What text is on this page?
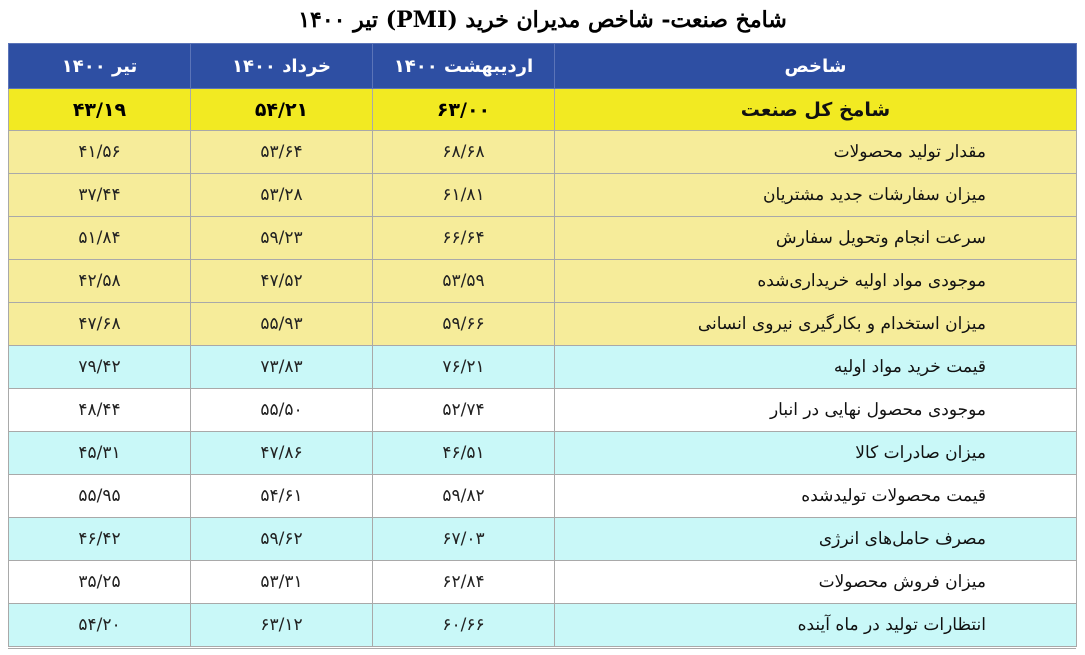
شامخ صنعت- شاخص مدیران خرید (PMI) تیر ۱۴۰۰
شاخص	اردیبهشت ۱۴۰۰	خرداد ۱۴۰۰	تیر ۱۴۰۰
شامخ کل صنعت	۶۳/۰۰	۵۴/۲۱	۴۳/۱۹
مقدار تولید محصولات	۶۸/۶۸	۵۳/۶۴	۴۱/۵۶
میزان سفارشات جدید مشتریان	۶۱/۸۱	۵۳/۲۸	۳۷/۴۴
سرعت انجام وتحویل سفارش	۶۶/۶۴	۵۹/۲۳	۵۱/۸۴
موجودی مواد اولیه خریداری‌شده	۵۳/۵۹	۴۷/۵۲	۴۲/۵۸
میزان استخدام و بکارگیری نیروی انسانی	۵۹/۶۶	۵۵/۹۳	۴۷/۶۸
قیمت خرید مواد اولیه	۷۶/۲۱	۷۳/۸۳	۷۹/۴۲
موجودی محصول نهایی در انبار	۵۲/۷۴	۵۵/۵۰	۴۸/۴۴
میزان صادرات کالا	۴۶/۵۱	۴۷/۸۶	۴۵/۳۱
قیمت محصولات تولیدشده	۵۹/۸۲	۵۴/۶۱	۵۵/۹۵
مصرف حامل‌های انرژی	۶۷/۰۳	۵۹/۶۲	۴۶/۴۲
میزان فروش محصولات	۶۲/۸۴	۵۳/۳۱	۳۵/۲۵
انتظارات تولید در ماه آینده	۶۰/۶۶	۶۳/۱۲	۵۴/۲۰
